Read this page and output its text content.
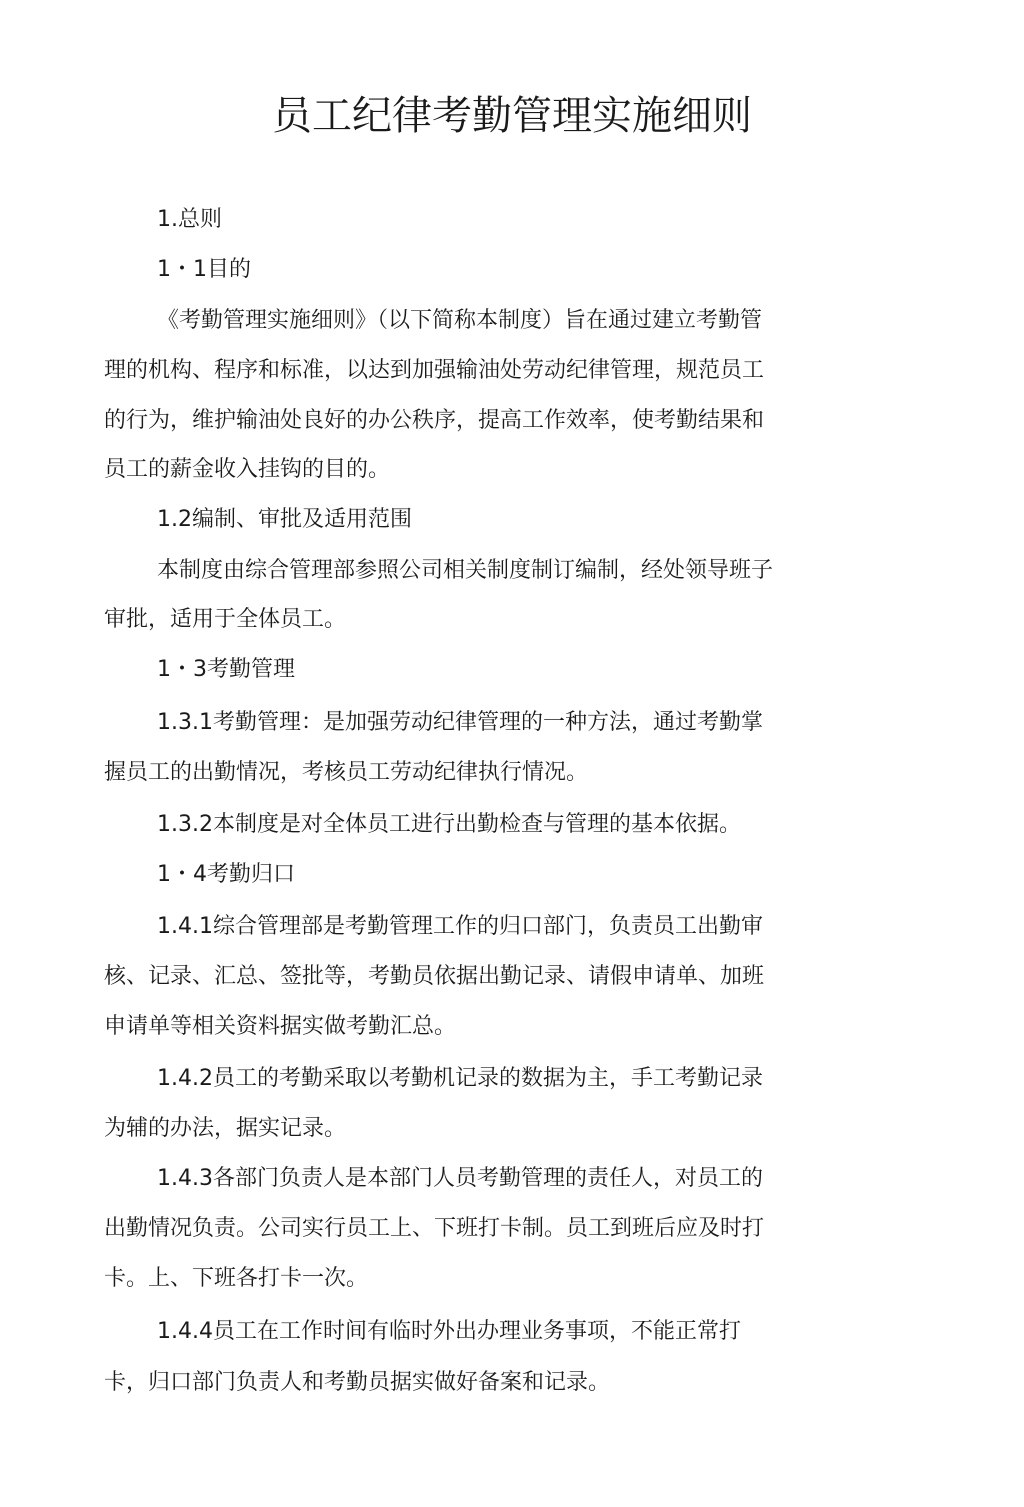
员工纪律考勤管理实施细则

1.总则

1・1目的

《考勤管理实施细则》（以下简称本制度）旨在通过建立考勤管

理的机构、程序和标准，以达到加强输油处劳动纪律管理，规范员工

的行为，维护输油处良好的办公秩序，提高工作效率，使考勤结果和

员工的薪金收入挂钩的目的。

1.2编制、审批及适用范围

本制度由综合管理部参照公司相关制度制订编制，经处领导班子

审批，适用于全体员工。

1・3考勤管理

1.3.1考勤管理：是加强劳动纪律管理的一种方法，通过考勤掌

握员工的出勤情况，考核员工劳动纪律执行情况。

1.3.2本制度是对全体员工进行出勤检查与管理的基本依据。

1・4考勤归口

1.4.1综合管理部是考勤管理工作的归口部门，负责员工出勤审

核、记录、汇总、签批等，考勤员依据出勤记录、请假申请单、加班

申请单等相关资料据实做考勤汇总。

1.4.2员工的考勤采取以考勤机记录的数据为主，手工考勤记录

为辅的办法，据实记录。

1.4.3各部门负责人是本部门人员考勤管理的责任人，对员工的

出勤情况负责。公司实行员工上、下班打卡制。员工到班后应及时打

卡。上、下班各打卡一次。

1.4.4员工在工作时间有临时外出办理业务事项，不能正常打

卡，归口部门负责人和考勤员据实做好备案和记录。
